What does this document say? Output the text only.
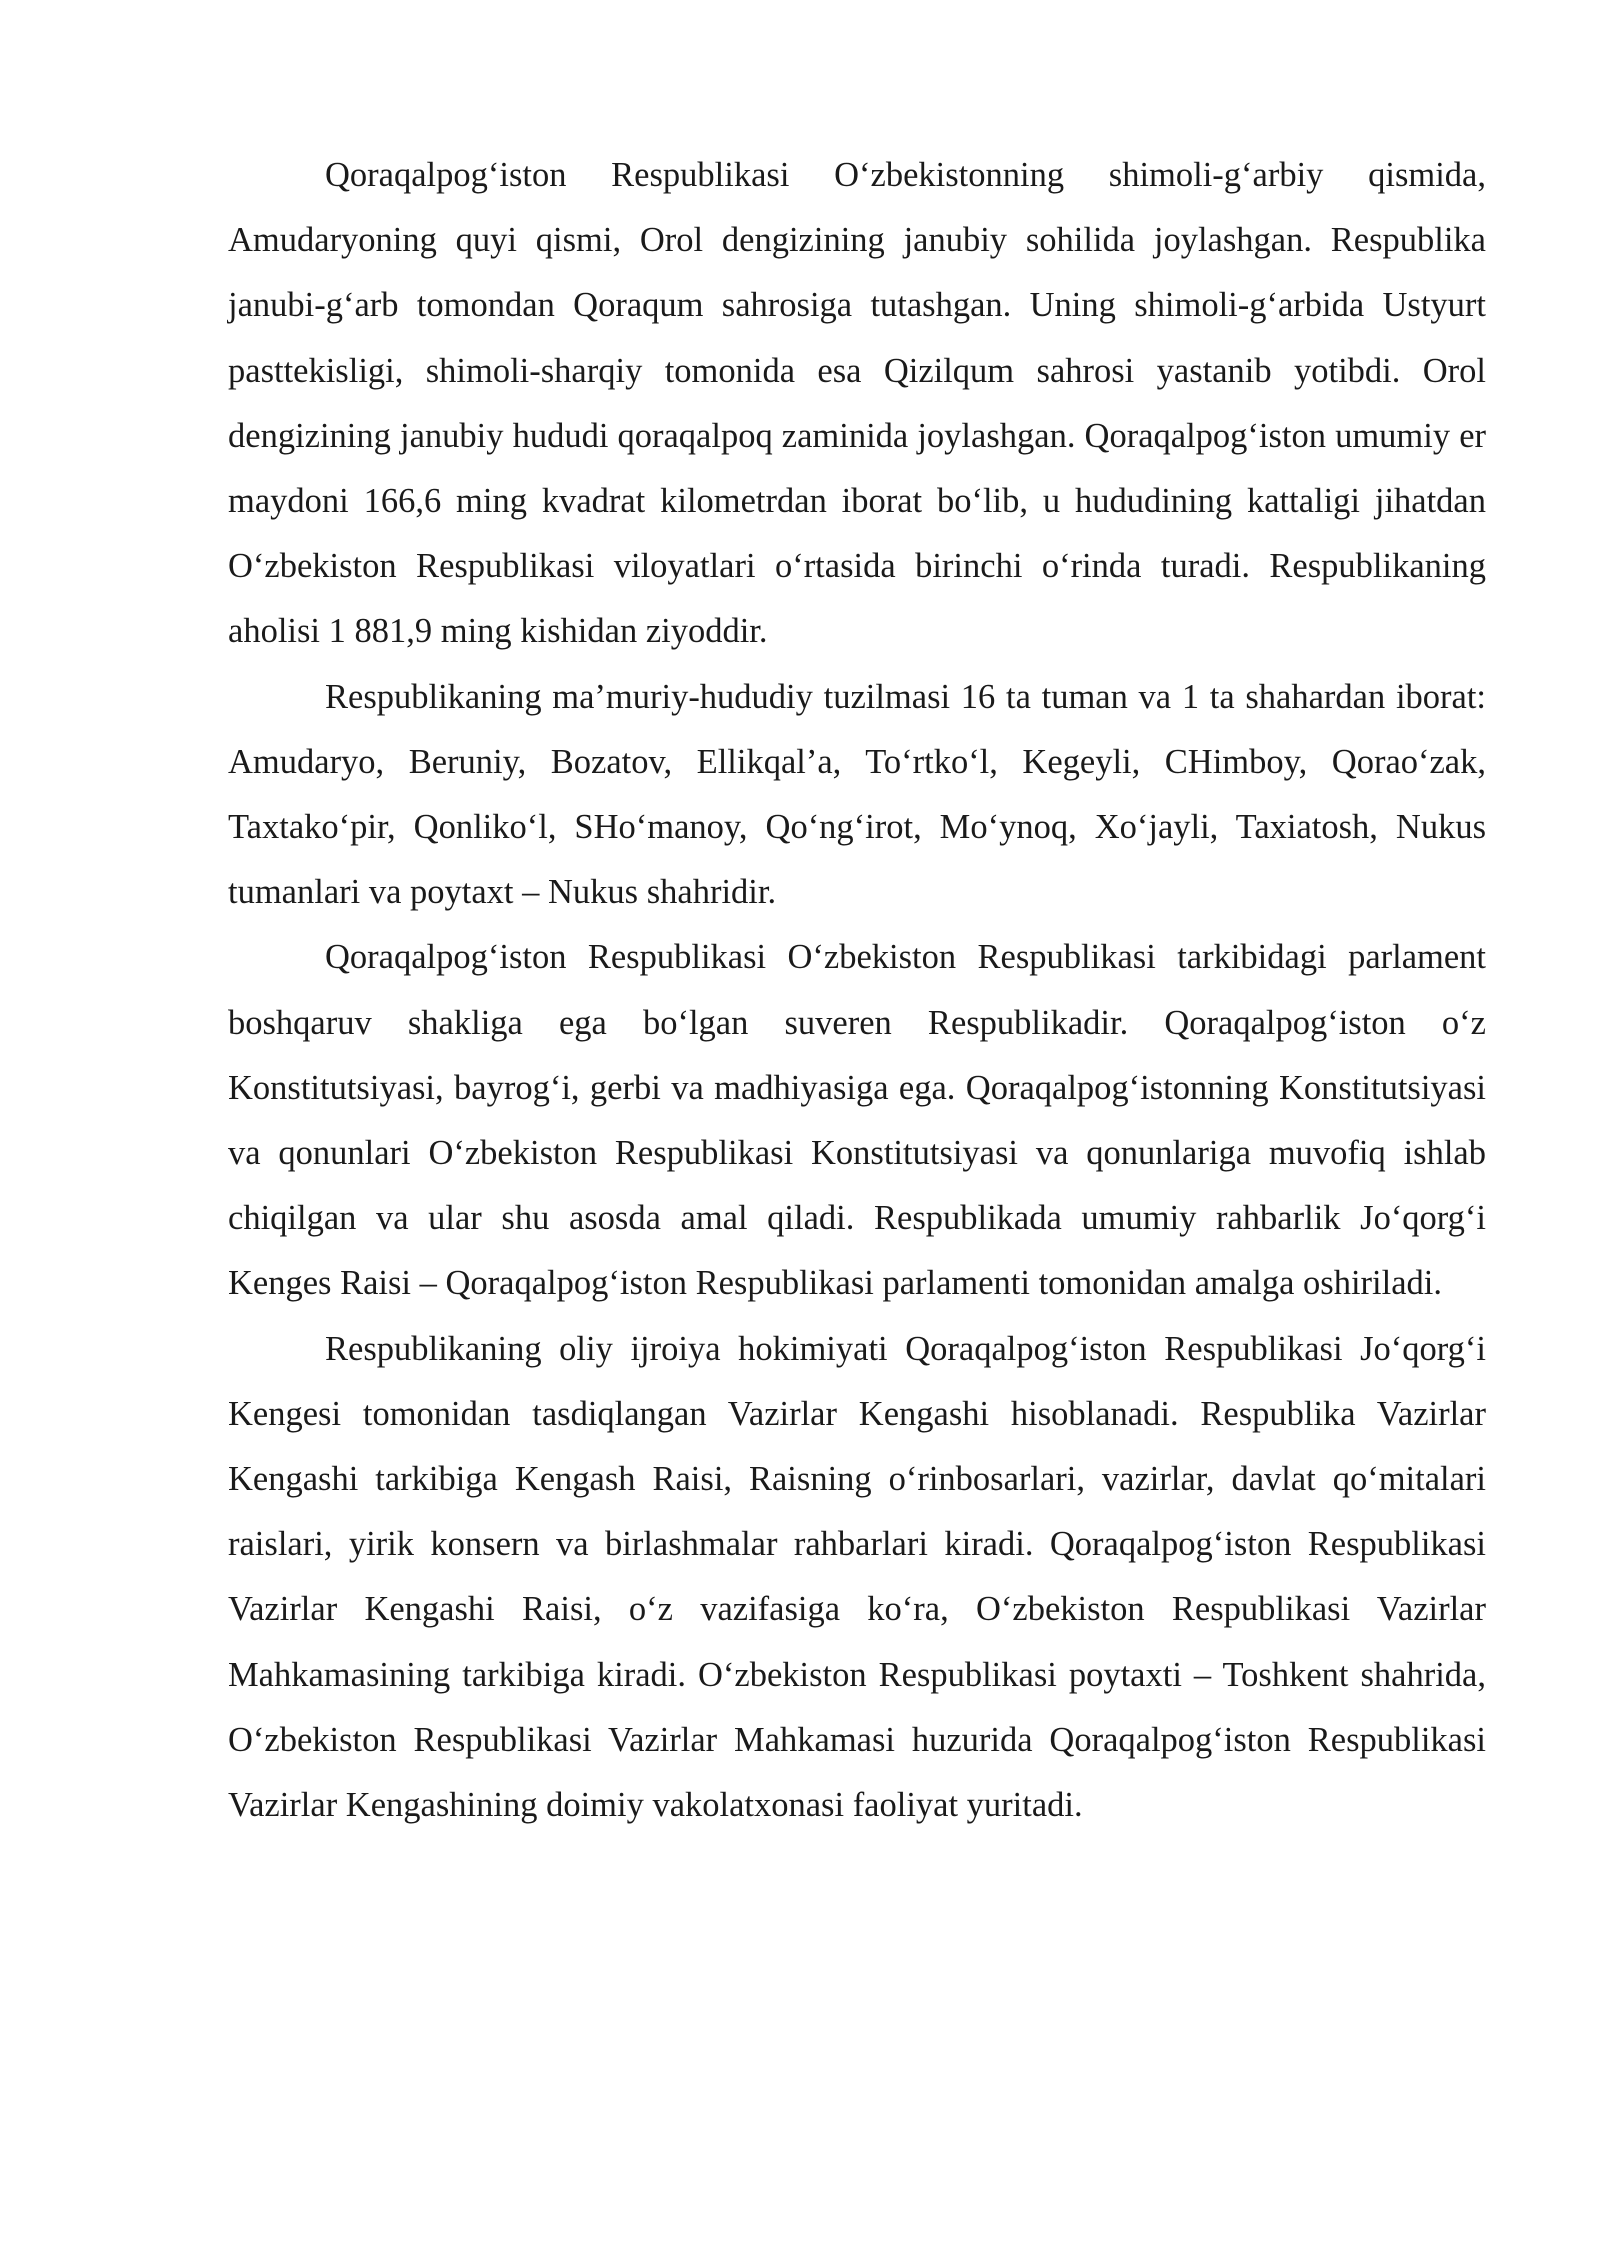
Qoraqalpog‘iston Respublikasi O‘zbekistonning shimoli-g‘arbiy qismida, Amudaryoning quyi qismi, Orol dengizining janubiy sohilida joylashgan. Respublika janubi-g‘arb tomondan Qoraqum sahrosiga tutashgan. Uning shimoli-g‘arbida Ustyurt pasttekisligi, shimoli-sharqiy tomonida esa Qizilqum sahrosi yastanib yotibdi. Orol dengizining janubiy hududi qoraqalpoq zaminida joylashgan. Qoraqalpog‘iston umumiy er maydoni 166,6 ming kvadrat kilometrdan iborat bo‘lib, u hududining kattaligi jihatdan O‘zbekiston Respublikasi viloyatlari o‘rtasida birinchi o‘rinda turadi. Respublikaning aholisi 1 881,9 ming kishidan ziyoddir.

Respublikaning ma’muriy-hududiy tuzilmasi 16 ta tuman va 1 ta shahardan iborat: Amudaryo, Beruniy, Bozatov, Ellikqal’a, To‘rtko‘l, Kegeyli, CHimboy, Qorao‘zak, Taxtako‘pir, Qonliko‘l, SHo‘manoy, Qo‘ng‘irot, Mo‘ynoq, Xo‘jayli, Taxiatosh, Nukus tumanlari va poytaxt – Nukus shahridir.

Qoraqalpog‘iston Respublikasi O‘zbekiston Respublikasi tarkibidagi parlament boshqaruv shakliga ega bo‘lgan suveren Respublikadir. Qoraqalpog‘iston o‘z Konstitutsiyasi, bayrog‘i, gerbi va madhiyasiga ega. Qoraqalpog‘istonning Konstitutsiyasi va qonunlari O‘zbekiston Respublikasi Konstitutsiyasi va qonunlariga muvofiq ishlab chiqilgan va ular shu asosda amal qiladi. Respublikada umumiy rahbarlik Jo‘qorg‘i Kenges Raisi – Qoraqalpog‘iston Respublikasi parlamenti tomonidan amalga oshiriladi.

Respublikaning oliy ijroiya hokimiyati Qoraqalpog‘iston Respublikasi Jo‘qorg‘i Kengesi tomonidan tasdiqlangan Vazirlar Kengashi hisoblanadi. Respublika Vazirlar Kengashi tarkibiga Kengash Raisi, Raisning o‘rinbosarlari, vazirlar, davlat qo‘mitalari raislari, yirik konsern va birlashmalar rahbarlari kiradi. Qoraqalpog‘iston Respublikasi Vazirlar Kengashi Raisi, o‘z vazifasiga ko‘ra, O‘zbekiston Respublikasi Vazirlar Mahkamasining tarkibiga kiradi. O‘zbekiston Respublikasi poytaxti – Toshkent shahrida, O‘zbekiston Respublikasi Vazirlar Mahkamasi huzurida Qoraqalpog‘iston Respublikasi Vazirlar Kengashining doimiy vakolatxonasi faoliyat yuritadi.
